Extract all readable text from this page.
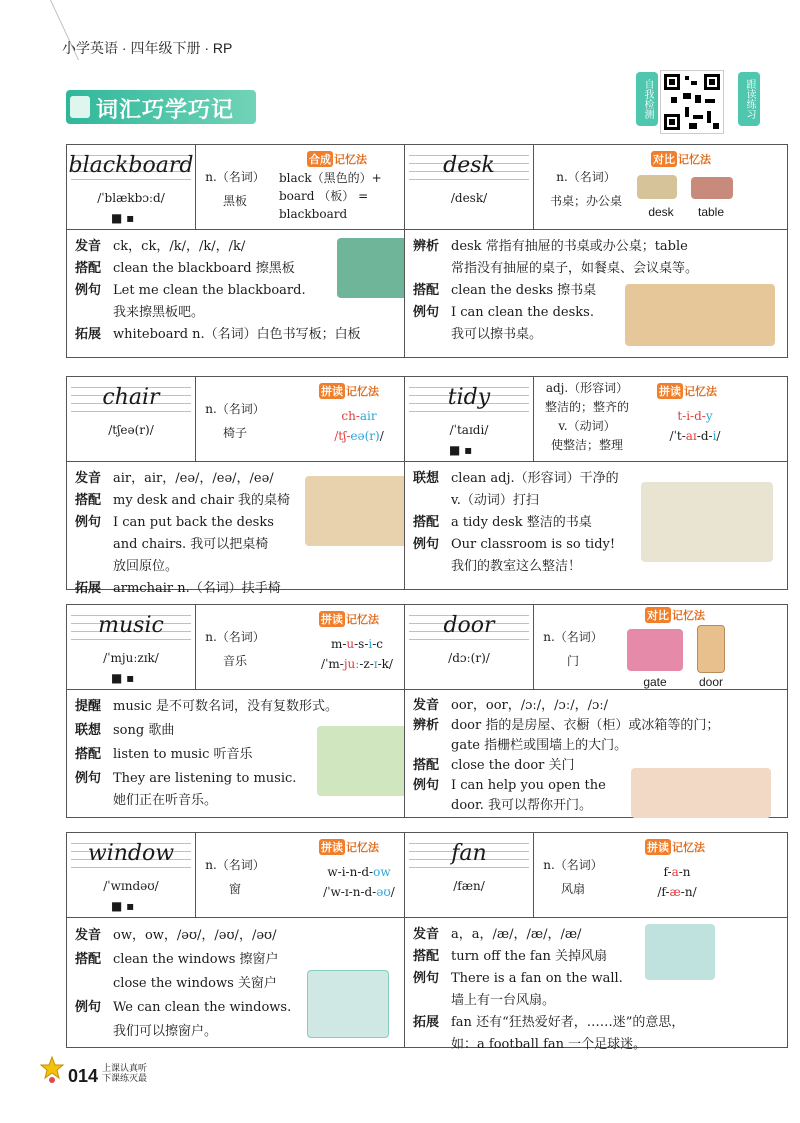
小学英语 · 四年级下册 · RP
词汇巧学巧记	自我检测	跟读练习
blackboard
/ˈblækbɔːd/
■ ▪
n.（名词）
黑板
合成 记忆法
black（黑色的）+
board （板） =
blackboard
发音 ck，ck，/k/，/k/，/k/
搭配 clean the blackboard 擦黑板
例句 Let me clean the blackboard.
我来擦黑板吧。
拓展 whiteboard n.（名词）白色书写板；白板
desk
/desk/
n.（名词）
书桌；办公桌
对比 记忆法
desk	table
辨析 desk 常指有抽屉的书桌或办公桌；table
常指没有抽屉的桌子，如餐桌、会议桌等。
搭配 clean the desks 擦书桌
例句 I can clean the desks.
我可以擦书桌。
chair
/tʃeə(r)/
n.（名词）
椅子
拼读 记忆法
ch-air
/tʃ-eə(r)/
发音 air，air，/eə/，/eə/，/eə/
搭配 my desk and chair 我的桌椅
例句 I can put back the desks
and chairs. 我可以把桌椅
放回原位。
拓展 armchair n.（名词）扶手椅
tidy
/ˈtaɪdi/
■ ▪
adj.（形容词）
整洁的；整齐的
v.（动词）
使整洁；整理
拼读 记忆法
t-i-d-y
/ˈt-aɪ-d-i/
联想 clean adj.（形容词）干净的
v.（动词）打扫
搭配 a tidy desk 整洁的书桌
例句 Our classroom is so tidy!
我们的教室这么整洁！
music
/ˈmjuːzɪk/
■ ▪
n.（名词）
音乐
拼读 记忆法
m-u-s-i-c
/ˈm-juː-z-ɪ-k/
提醒 music 是不可数名词，没有复数形式。
联想 song 歌曲
搭配 listen to music 听音乐
例句 They are listening to music.
她们正在听音乐。
door
/dɔː(r)/
n.（名词）
门
对比 记忆法
gate	door
发音 oor，oor，/ɔː/，/ɔː/，/ɔː/
辨析 door 指的是房屋、衣橱（柜）或冰箱等的门；
gate 指栅栏或围墙上的大门。
搭配 close the door 关门
例句 I can help you open the
door. 我可以帮你开门。
window
/ˈwɪndəʊ/
■ ▪
n.（名词）
窗
拼读 记忆法
w-i-n-d-ow
/ˈw-ɪ-n-d-əʊ/
发音 ow，ow，/əʊ/，/əʊ/，/əʊ/
搭配 clean the windows 擦窗户
close the windows 关窗户
例句 We can clean the windows.
我们可以擦窗户。
fan
/fæn/
n.（名词）
风扇
拼读 记忆法
f-a-n
/f-æ-n/
发音 a，a，/æ/，/æ/，/æ/
搭配 turn off the fan 关掉风扇
例句 There is a fan on the wall.
墙上有一台风扇。
拓展 fan 还有“狂热爱好者，……迷”的意思，
如：a football fan 一个足球迷。
014 上课认真听
下课练灭最
